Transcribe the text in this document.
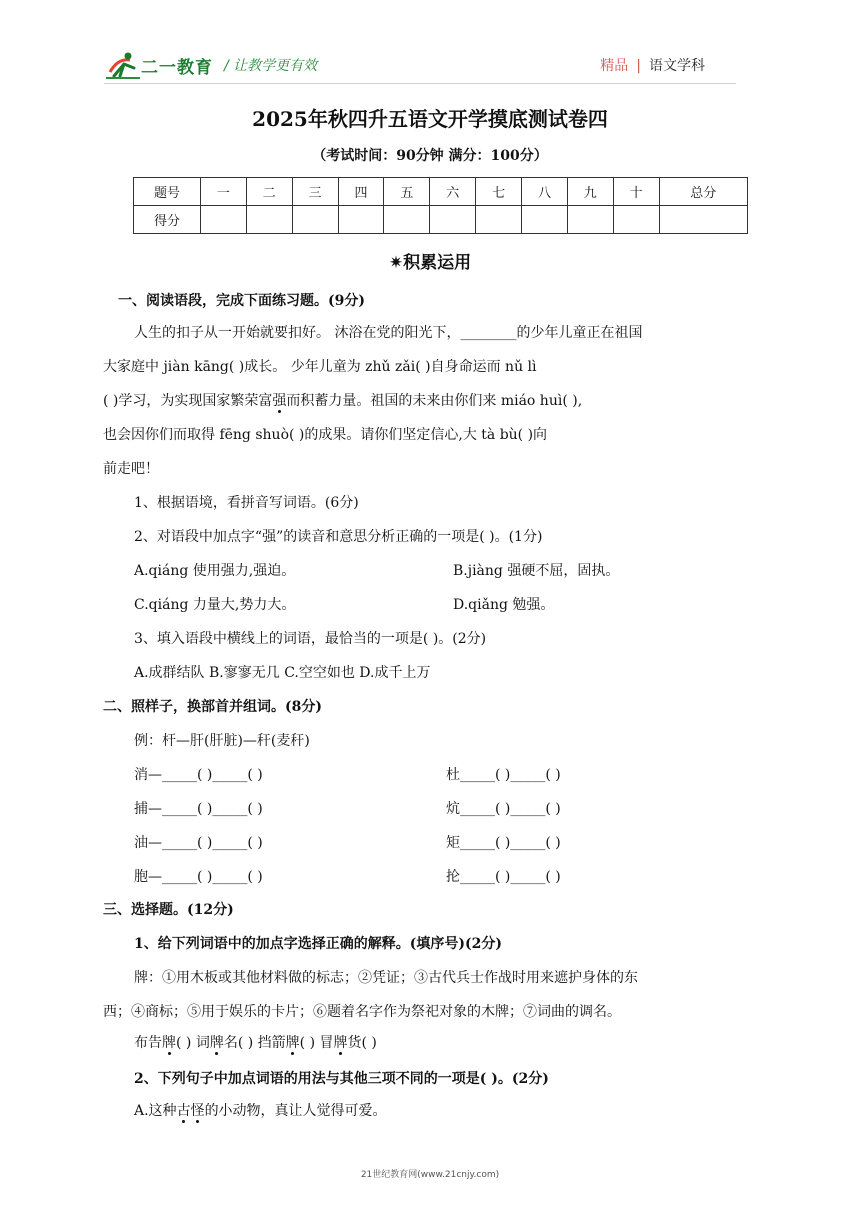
二一教育 / 让教学更有效	精品 | 语文学科
2025年秋四升五语文开学摸底测试卷四
（考试时间：90分钟 满分：100分）
题号	一	二	三	四	五	六	七	八	九	十	总分
得分											
✷积累运用
一、阅读语段，完成下面练习题。(9分)
人生的扣子从一开始就要扣好。 沐浴在党的阳光下，________的少年儿童正在祖国
大家庭中 jiàn kāng( )成长。 少年儿童为 zhǔ zǎi( )自身命运而 nǔ lì
( )学习，为实现国家繁荣富强而积蓄力量。祖国的未来由你们来 miáo huì( ),
也会因你们而取得 fēng shuò( )的成果。请你们坚定信心,大 tà bù( )向
前走吧！
1、根据语境，看拼音写词语。(6分)
2、对语段中加点字“强”的读音和意思分析正确的一项是( )。(1分)
A.qiáng 使用强力,强迫。	B.jiàng 强硬不屈，固执。
C.qiáng 力量大,势力大。	D.qiǎng 勉强。
3、填入语段中横线上的词语，最恰当的一项是( )。(2分)
A.成群结队 B.寥寥无几 C.空空如也 D.成千上万
二、照样子，换部首并组词。(8分)
例：杆—肝(肝脏)—秆(麦秆)
消—_____( )_____( )	杜_____( )_____( )
捕—_____( )_____( )	炕_____( )_____( )
油—_____( )_____( )	矩_____( )_____( )
胞—_____( )_____( )	抡_____( )_____( )
三、选择题。(12分)
1、给下列词语中的加点字选择正确的解释。(填序号)(2分)
牌：①用木板或其他材料做的标志；②凭证；③古代兵士作战时用来遮护身体的东
西；④商标；⑤用于娱乐的卡片；⑥题着名字作为祭祀对象的木牌；⑦词曲的调名。
布告牌( ) 词牌名( ) 挡箭牌( ) 冒牌货( )
2、下列句子中加点词语的用法与其他三项不同的一项是( )。(2分)
A.这种古怪的小动物，真让人觉得可爱。
21世纪教育网(www.21cnjy.com)
